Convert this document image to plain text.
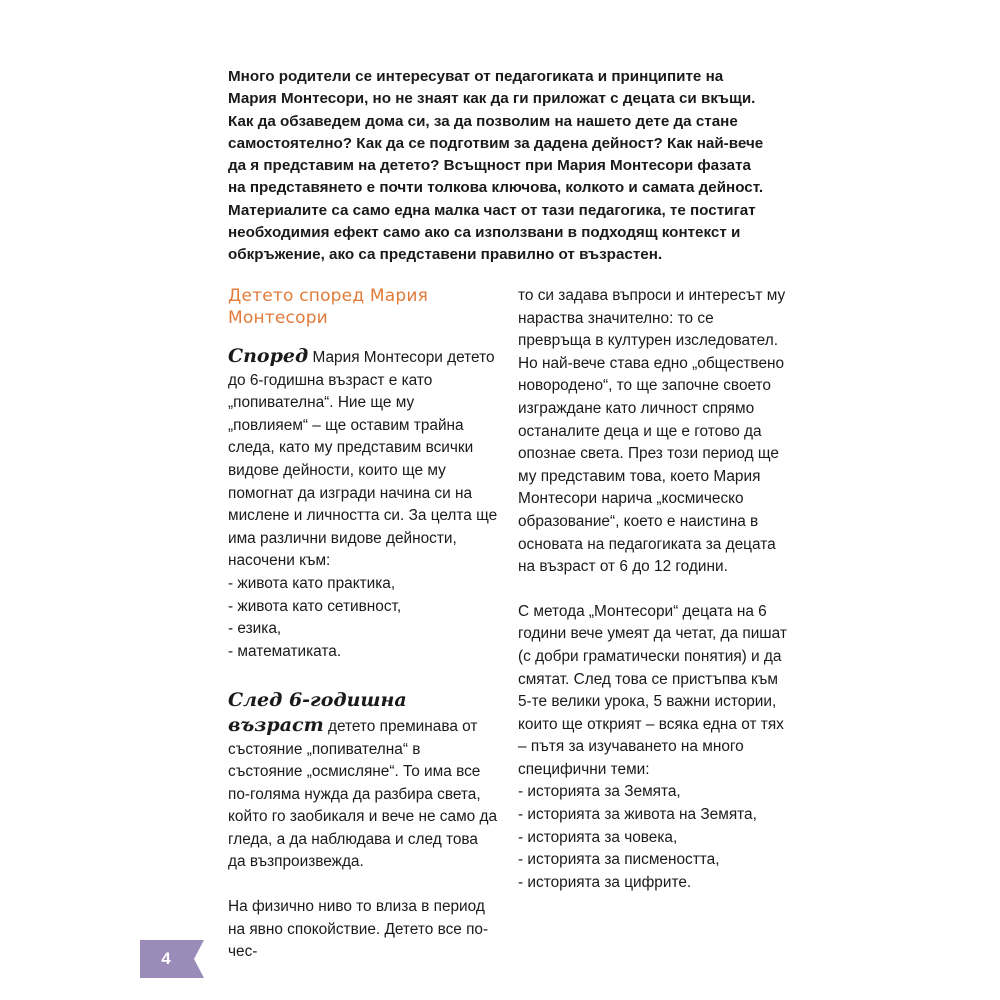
Много родители се интересуват от педагогиката и принципите на Мария Монтесори, но не знаят как да ги приложат с децата си вкъщи.

Как да обзаведем дома си, за да позволим на нашето дете да стане самостоятелно? Как да се подготвим за дадена дейност? Как най-вече да я представим на детето? Всъщност при Мария Монтесори фазата на представянето е почти толкова ключова, колкото и самата дейност. Материалите са само една малка част от тази педагогика, те постигат необходимия ефект само ако са използвани в подходящ контекст и обкръжение, ако са представени правилно от възрастен.

Детето според Мария Монтесори

Според Мария Монтесори детето до 6-годишна възраст е като „попивателна“. Ние ще му „повлияем“ – ще оставим трайна следа, като му представим всички видове дейности, които ще му помогнат да изгради начина си на мислене и личността си. За целта ще има различни видове дейности, насочени към:

- живота като практика,
- живота като сетивност,
- езика,
- математиката.

След 6-годишна възраст детето преминава от състояние „попивателна“ в състояние „осмисляне“. То има все по-голяма нужда да разбира света, който го заобикаля и вече не само да гледа, а да наблюдава и след това да възпроизвежда.

На физично ниво то влиза в период на явно спокойствие. Детето все по-чес-

то си задава въпроси и интересът му нараства значително: то се превръща в културен изследовател. Но най-вече става едно „обществено новородено“, то ще започне своето изграждане като личност спрямо останалите деца и ще е готово да опознае света. През този период ще му представим това, което Мария Монтесори нарича „космическо образование“, което е наистина в основата на педагогиката за децата на възраст от 6 до 12 години.

С метода „Монтесори“ децата на 6 години вече умеят да четат, да пишат (с добри граматически понятия) и да смятат. След това се пристъпва към 5-те велики урока, 5 важни истории, които ще открият – всяка една от тях – пътя за изучаването на много специфични теми:

- историята за Земята,
- историята за живота на Земята,
- историята за човека,
- историята за писмеността,
- историята за цифрите.
4
